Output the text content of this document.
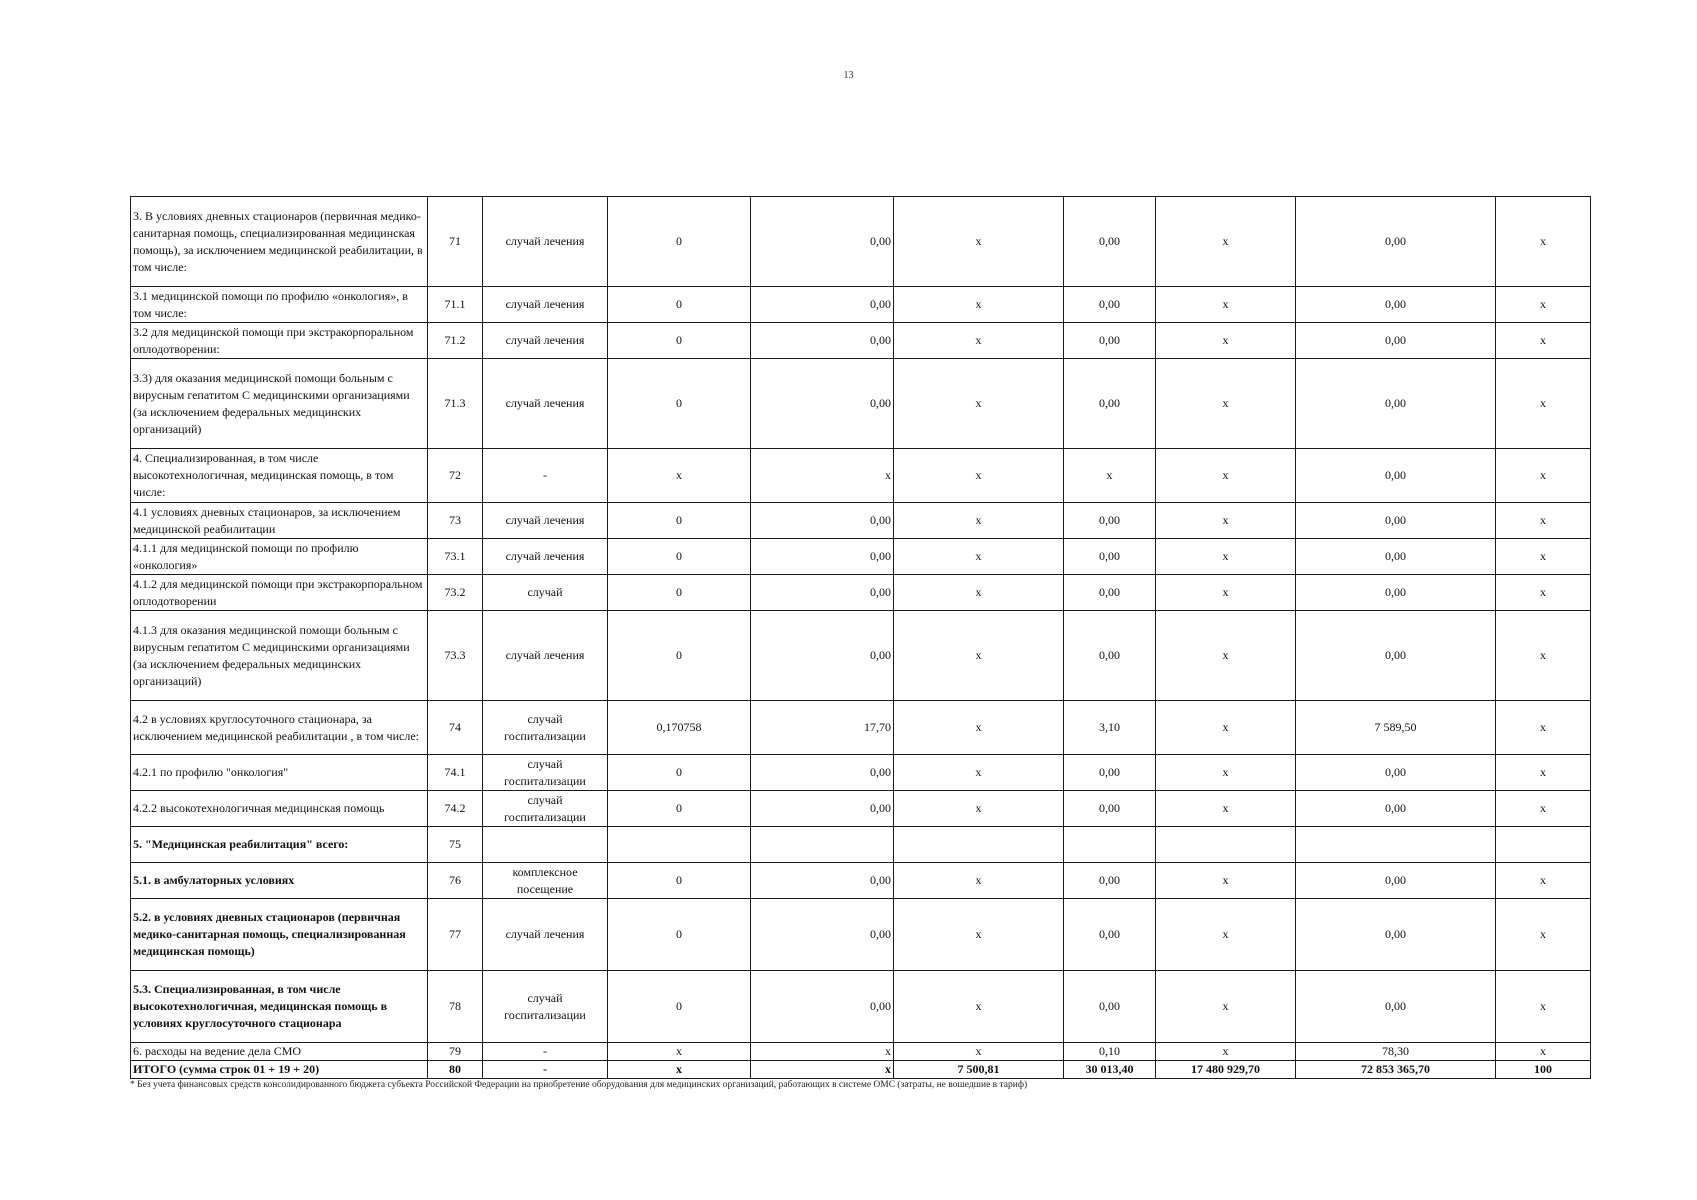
13
3. В условиях дневных стационаров (первичная медико-санитарная помощь, специализированная медицинская помощь), за исключением медицинской реабилитации, в том числе:	71	случай лечения	0	0,00	х	0,00	х	0,00	х
3.1 медицинской помощи по профилю «онкология», в том числе:	71.1	случай лечения	0	0,00	х	0,00	х	0,00	х
3.2 для медицинской помощи при экстракорпоральном оплодотворении:	71.2	случай лечения	0	0,00	х	0,00	х	0,00	х
3.3) для оказания медицинской помощи больным с вирусным гепатитом С медицинскими организациями (за исключением федеральных медицинских организаций)	71.3	случай лечения	0	0,00	х	0,00	х	0,00	х
4. Специализированная, в том числе высокотехнологичная, медицинская помощь, в том числе:	72	-	х	х	х	х	х	0,00	х
4.1 условиях дневных стационаров, за исключением медицинской реабилитации	73	случай лечения	0	0,00	х	0,00	х	0,00	х
4.1.1 для медицинской помощи по профилю «онкология»	73.1	случай лечения	0	0,00	х	0,00	х	0,00	х
4.1.2 для медицинской помощи при экстракорпоральном оплодотворении	73.2	случай	0	0,00	х	0,00	х	0,00	х
4.1.3 для оказания медицинской помощи больным с вирусным гепатитом С медицинскими организациями (за исключением федеральных медицинских организаций)	73.3	случай лечения	0	0,00	х	0,00	х	0,00	х
4.2 в условиях круглосуточного стационара, за исключением медицинской реабилитации , в том числе:	74	случай госпитализации	0,170758	17,70	х	3,10	х	7 589,50	х
4.2.1 по профилю "онкология"	74.1	случай госпитализации	0	0,00	х	0,00	х	0,00	х
4.2.2 высокотехнологичная медицинская помощь	74.2	случай госпитализации	0	0,00	х	0,00	х	0,00	х
5. "Медицинская реабилитация" всего:	75								
5.1. в амбулаторных условиях	76	комплексное посещение	0	0,00	х	0,00	х	0,00	х
5.2. в условиях дневных стационаров (первичная медико-санитарная помощь, специализированная медицинская помощь)	77	случай лечения	0	0,00	х	0,00	х	0,00	х
5.3. Специализированная, в том числе высокотехнологичная, медицинская помощь в условиях круглосуточного стационара	78	случай госпитализации	0	0,00	х	0,00	х	0,00	х
6. расходы на ведение дела СМО	79	-	х	х	х	0,10	х	78,30	х
ИТОГО (сумма строк 01 + 19 + 20)	80	-	х	х	7 500,81	30 013,40	17 480 929,70	72 853 365,70	100
* Без учета финансовых средств консолидированного бюджета субъекта Российской Федерации на приобретение оборудования для медицинских организаций, работающих в системе ОМС (затраты, не вошедшие в тариф)
